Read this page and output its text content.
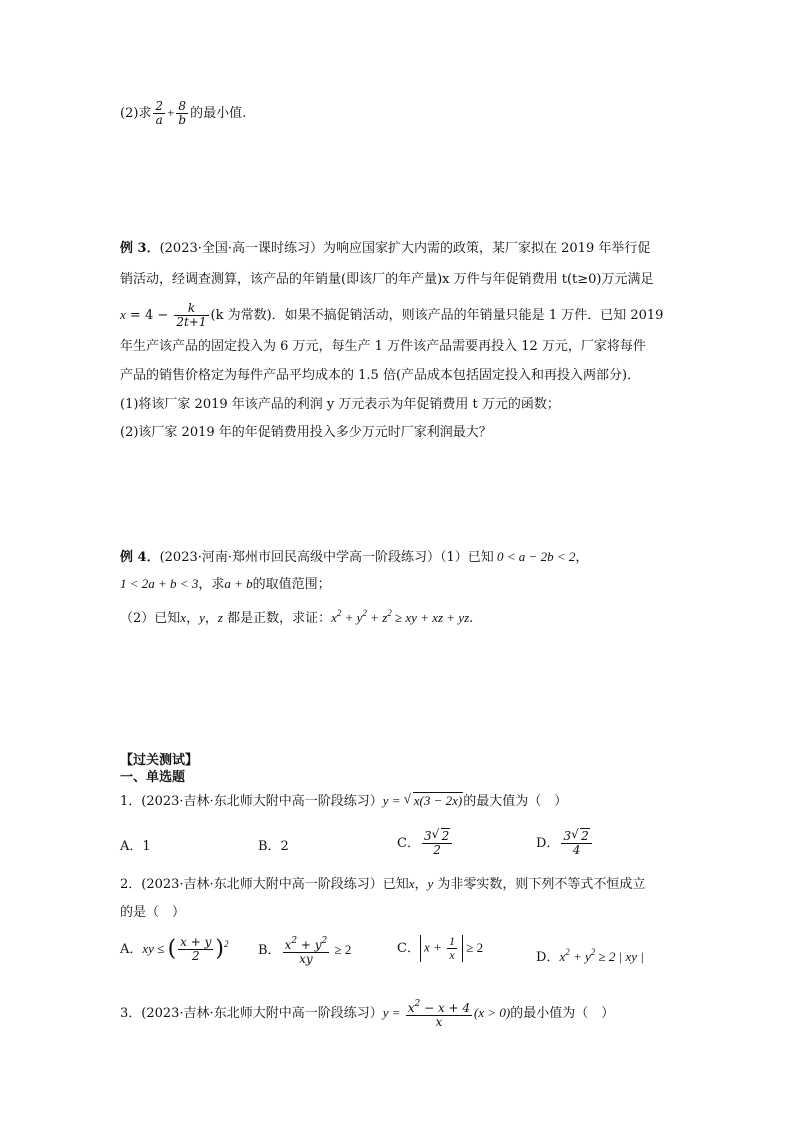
(2)求 $\frac{2}{a} + \frac{8}{b}$ 的最小值.
例 3．(2023·全国·高一课时练习）为响应国家扩大内需的政策，某厂家拟在 2019 年举行促
销活动，经调查测算，该产品的年销量(即该厂的年产量)x 万件与年促销费用 t(t≥0)万元满足
$x = 4 - \frac{k}{2t+1} (k$ 为常数)．如果不搞促销活动，则该产品的年销量只能是 1 万件．已知 2019
年生产该产品的固定投入为 6 万元，每生产 1 万件该产品需要再投入 12 万元，厂家将每件
产品的销售价格定为每件产品平均成本的 1.5 倍(产品成本包括固定投入和再投入两部分)．
(1)将该厂家 2019 年该产品的利润 y 万元表示为年促销费用 t 万元的函数；
(2)该厂家 2019 年的年促销费用投入多少万元时厂家利润最大？
例 4．(2023·河南·郑州市回民高级中学高一阶段练习）（1）已知 0 < a − 2b < 2，
1 < 2a + b < 3，求a + b的取值范围；
（2）已知x，y，z 都是正数，求证：$x^2 + y^2 + z^2$ ≥ xy + xz + yz.
【过关测试】
一、单选题
1．(2023·吉林·东北师大附中高一阶段练习）y = √ x(3 − 2x)的最大值为（　）
A．1	B．2	C． $\frac{3 √ 2}{2}$	D． $\frac{3 √ 2}{4}$
2．(2023·吉林·东北师大附中高一阶段练习）已知x，y 为非零实数，则下列不等式不恒成立
的是（　）
A．xy ≤ ( $\frac{x + y}{2} )^2$ B． $\frac{x^2 + y^2}{xy} \ge 2$	C． $x + \frac{1}{x} \ge 2$
D．$x^2 + y^2 \ge 2$ | xy |
3．(2023·吉林·东北师大附中高一阶段练习）$y = \frac{x^2 - x + 4}{x} (x > 0)$的最小值为（　）
